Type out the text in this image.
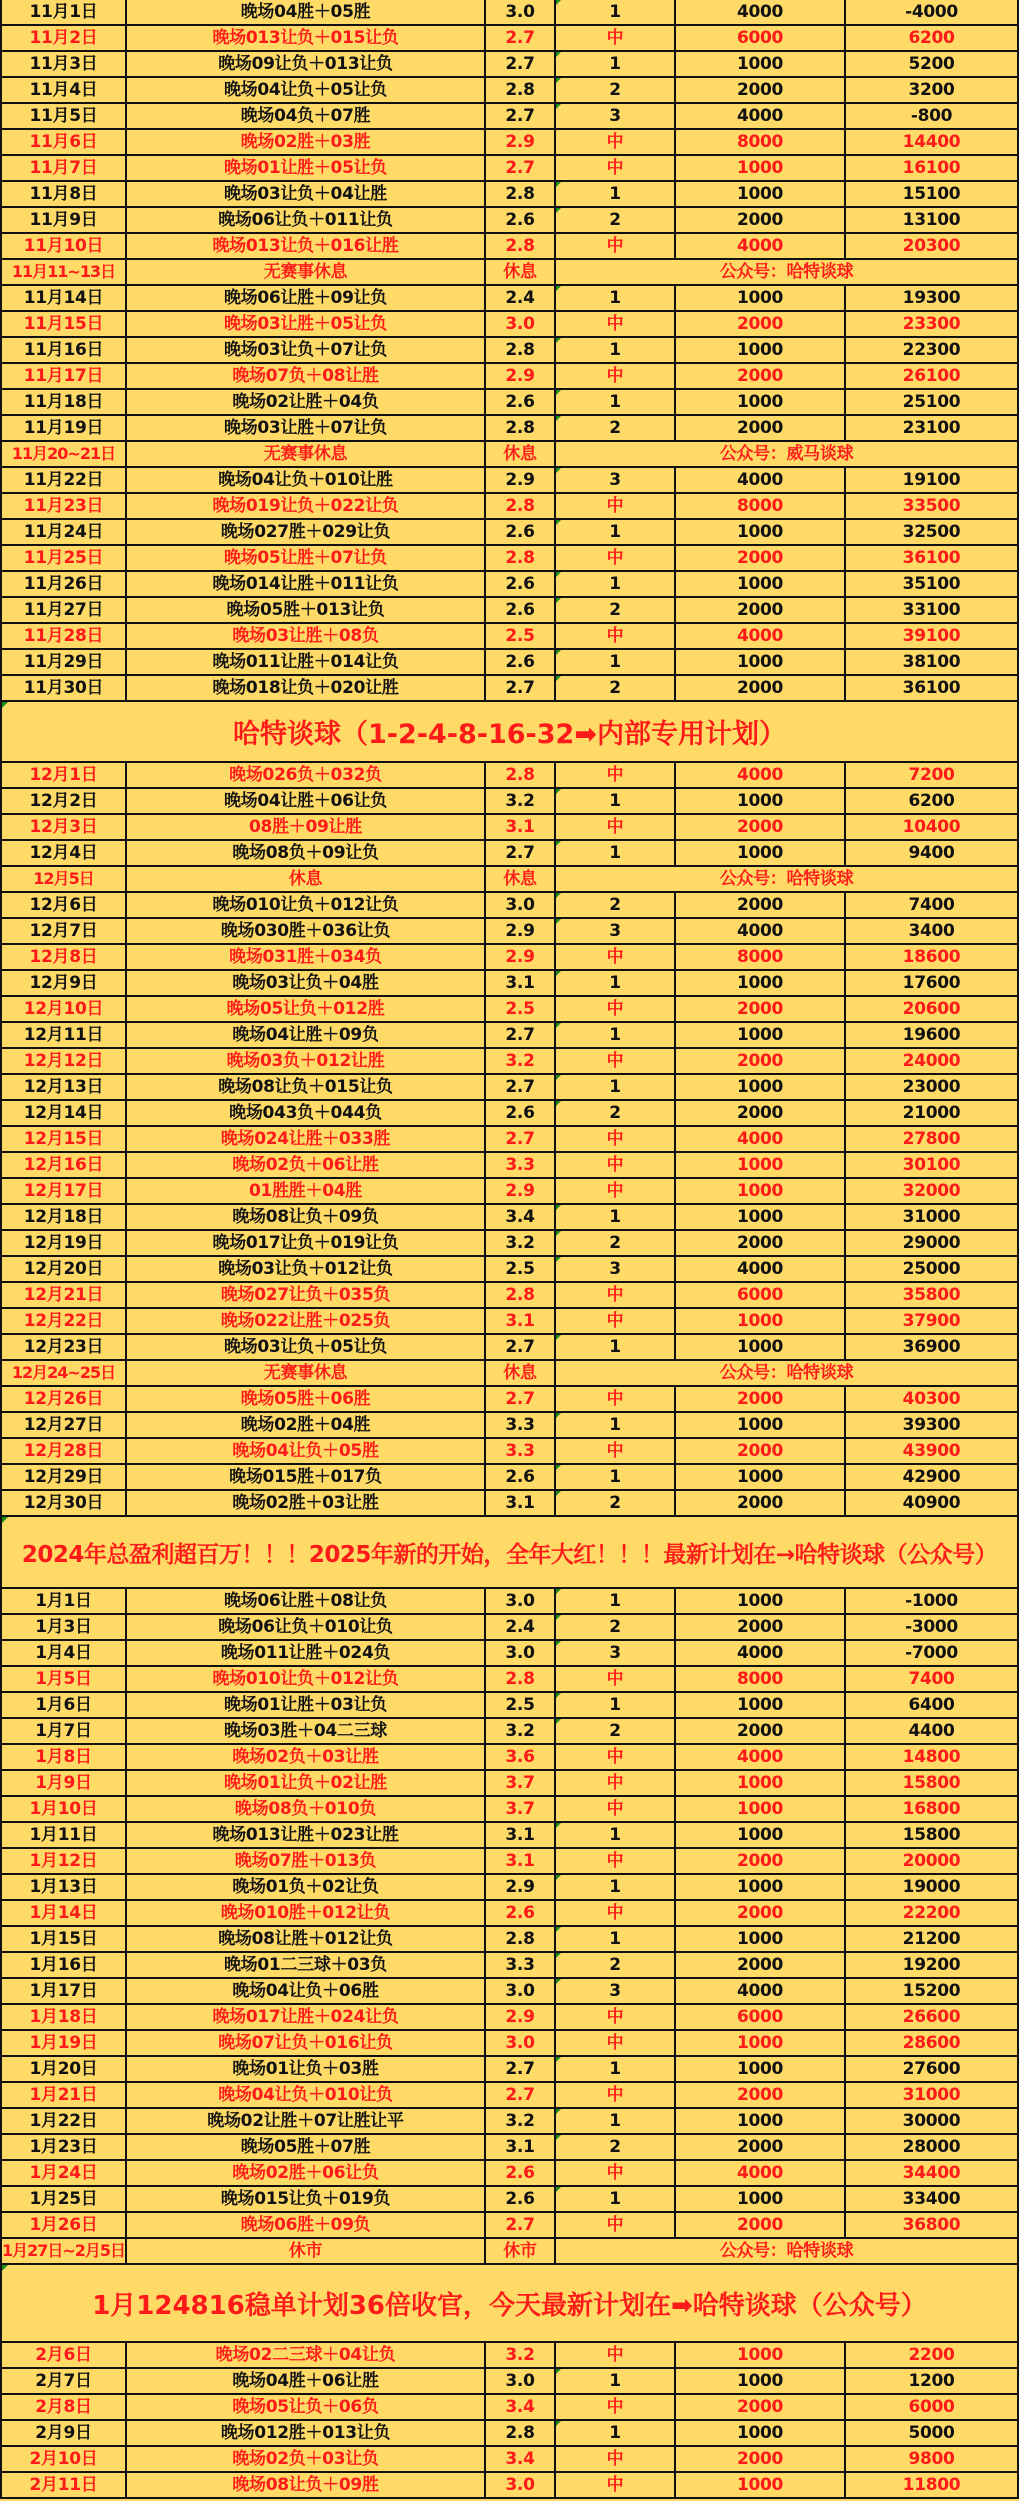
11月1日	晚场04胜＋05胜	3.0	1	4000	-4000
11月2日	晚场013让负＋015让负	2.7	中	6000	6200
11月3日	晚场09让负＋013让负	2.7	1	1000	5200
11月4日	晚场04让负＋05让负	2.8	2	2000	3200
11月5日	晚场04负＋07胜	2.7	3	4000	-800
11月6日	晚场02胜＋03胜	2.9	中	8000	14400
11月7日	晚场01让胜＋05让负	2.7	中	1000	16100
11月8日	晚场03让负＋04让胜	2.8	1	1000	15100
11月9日	晚场06让负＋011让负	2.6	2	2000	13100
11月10日	晚场013让负＋016让胜	2.8	中	4000	20300
11月11~13日	无赛事休息	休息	公众号：哈特谈球
11月14日	晚场06让胜＋09让负	2.4	1	1000	19300
11月15日	晚场03让胜＋05让负	3.0	中	2000	23300
11月16日	晚场03让负＋07让负	2.8	1	1000	22300
11月17日	晚场07负＋08让胜	2.9	中	2000	26100
11月18日	晚场02让胜＋04负	2.6	1	1000	25100
11月19日	晚场03让胜＋07让负	2.8	2	2000	23100
11月20~21日	无赛事休息	休息	公众号：威马谈球
11月22日	晚场04让负＋010让胜	2.9	3	4000	19100
11月23日	晚场019让负＋022让负	2.8	中	8000	33500
11月24日	晚场027胜＋029让负	2.6	1	1000	32500
11月25日	晚场05让胜＋07让负	2.8	中	2000	36100
11月26日	晚场014让胜＋011让负	2.6	1	1000	35100
11月27日	晚场05胜＋013让负	2.6	2	2000	33100
11月28日	晚场03让胜＋08负	2.5	中	4000	39100
11月29日	晚场011让胜＋014让负	2.6	1	1000	38100
11月30日	晚场018让负＋020让胜	2.7	2	2000	36100
哈特谈球（1-2-4-8-16-32➡内部专用计划）
12月1日	晚场026负＋032负	2.8	中	4000	7200
12月2日	晚场04让胜＋06让负	3.2	1	1000	6200
12月3日	08胜＋09让胜	3.1	中	2000	10400
12月4日	晚场08负＋09让负	2.7	1	1000	9400
12月5日	休息	休息	公众号：哈特谈球
12月6日	晚场010让负＋012让负	3.0	2	2000	7400
12月7日	晚场030胜＋036让负	2.9	3	4000	3400
12月8日	晚场031胜＋034负	2.9	中	8000	18600
12月9日	晚场03让负＋04胜	3.1	1	1000	17600
12月10日	晚场05让负＋012胜	2.5	中	2000	20600
12月11日	晚场04让胜＋09负	2.7	1	1000	19600
12月12日	晚场03负＋012让胜	3.2	中	2000	24000
12月13日	晚场08让负＋015让负	2.7	1	1000	23000
12月14日	晚场043负＋044负	2.6	2	2000	21000
12月15日	晚场024让胜＋033胜	2.7	中	4000	27800
12月16日	晚场02负＋06让胜	3.3	中	1000	30100
12月17日	01胜胜＋04胜	2.9	中	1000	32000
12月18日	晚场08让负＋09负	3.4	1	1000	31000
12月19日	晚场017让负＋019让负	3.2	2	2000	29000
12月20日	晚场03让负＋012让负	2.5	3	4000	25000
12月21日	晚场027让负＋035负	2.8	中	6000	35800
12月22日	晚场022让胜＋025负	3.1	中	1000	37900
12月23日	晚场03让负＋05让负	2.7	1	1000	36900
12月24~25日	无赛事休息	休息	公众号：哈特谈球
12月26日	晚场05胜＋06胜	2.7	中	2000	40300
12月27日	晚场02胜＋04胜	3.3	1	1000	39300
12月28日	晚场04让负＋05胜	3.3	中	2000	43900
12月29日	晚场015胜＋017负	2.6	1	1000	42900
12月30日	晚场02胜＋03让胜	3.1	2	2000	40900
2024年总盈利超百万！！！2025年新的开始，全年大红！！！最新计划在→哈特谈球（公众号）
1月1日	晚场06让胜＋08让负	3.0	1	1000	-1000
1月3日	晚场06让负＋010让负	2.4	2	2000	-3000
1月4日	晚场011让胜＋024负	3.0	3	4000	-7000
1月5日	晚场010让负＋012让负	2.8	中	8000	7400
1月6日	晚场01让胜＋03让负	2.5	1	1000	6400
1月7日	晚场03胜＋04二三球	3.2	2	2000	4400
1月8日	晚场02负＋03让胜	3.6	中	4000	14800
1月9日	晚场01让负＋02让胜	3.7	中	1000	15800
1月10日	晚场08负＋010负	3.7	中	1000	16800
1月11日	晚场013让胜＋023让胜	3.1	1	1000	15800
1月12日	晚场07胜＋013负	3.1	中	2000	20000
1月13日	晚场01负＋02让负	2.9	1	1000	19000
1月14日	晚场010胜＋012让负	2.6	中	2000	22200
1月15日	晚场08让胜＋012让负	2.8	1	1000	21200
1月16日	晚场01二三球＋03负	3.3	2	2000	19200
1月17日	晚场04让负＋06胜	3.0	3	4000	15200
1月18日	晚场017让胜＋024让负	2.9	中	6000	26600
1月19日	晚场07让负＋016让负	3.0	中	1000	28600
1月20日	晚场01让负＋03胜	2.7	1	1000	27600
1月21日	晚场04让负＋010让负	2.7	中	2000	31000
1月22日	晚场02让胜＋07让胜让平	3.2	1	1000	30000
1月23日	晚场05胜＋07胜	3.1	2	2000	28000
1月24日	晚场02胜＋06让负	2.6	中	4000	34400
1月25日	晚场015让负＋019负	2.6	1	1000	33400
1月26日	晚场06胜＋09负	2.7	中	2000	36800
1月27日~2月5日	休市	休市	公众号：哈特谈球
1月124816稳单计划36倍收官，今天最新计划在➡哈特谈球（公众号）
2月6日	晚场02二三球＋04让负	3.2	中	1000	2200
2月7日	晚场04胜＋06让胜	3.0	1	1000	1200
2月8日	晚场05让负＋06负	3.4	中	2000	6000
2月9日	晚场012胜＋013让负	2.8	1	1000	5000
2月10日	晚场02负＋03让负	3.4	中	2000	9800
2月11日	晚场08让负＋09胜	3.0	中	1000	11800
